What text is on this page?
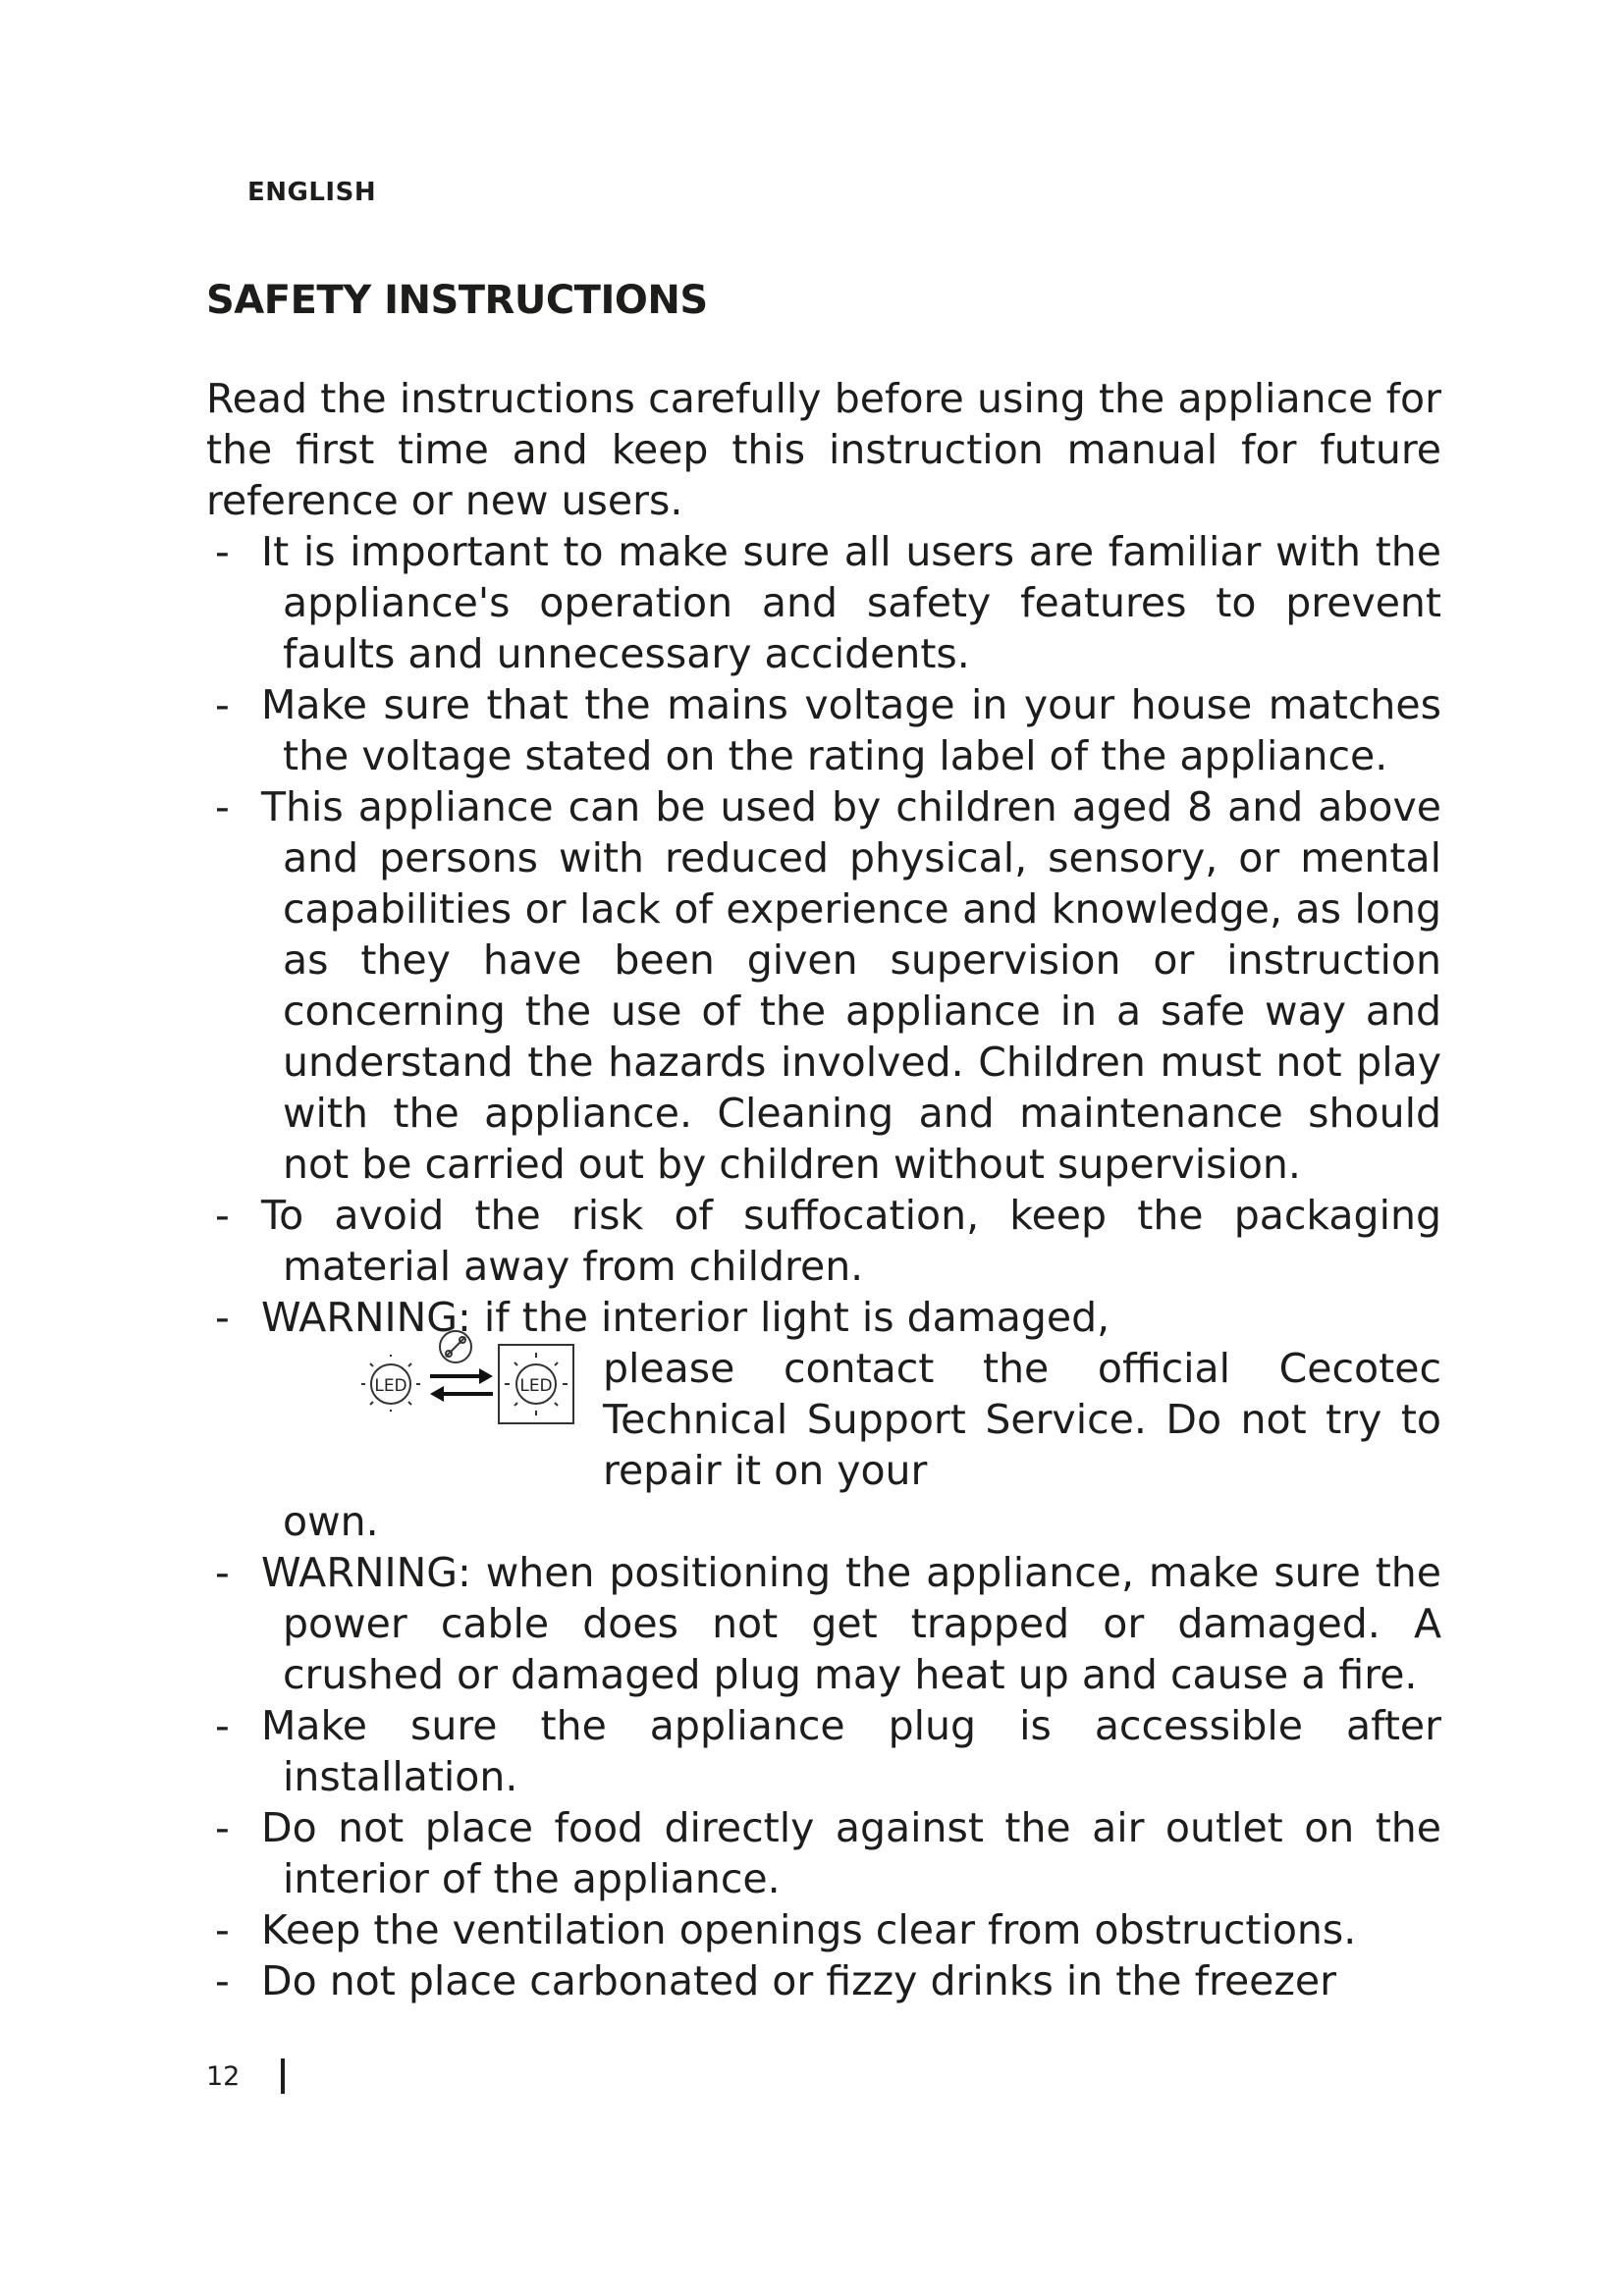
ENGLISH
SAFETY INSTRUCTIONS

Read the instructions carefully before using the appliance for the first time and keep this instruction manual for future reference or new users.

- It is important to make sure all users are familiar with the appliance's operation and safety features to prevent faults and unnecessary accidents.
- Make sure that the mains voltage in your house matches the voltage stated on the rating label of the appliance.
- This appliance can be used by children aged 8 and above and persons with reduced physical, sensory, or mental capabilities or lack of experience and knowledge, as long as they have been given supervision or instruction concerning the use of the appliance in a safe way and understand the hazards involved. Children must not play with the appliance. Cleaning and maintenance should not be carried out by children without supervision.
- To avoid the risk of suffocation, keep the packaging material away from children.
- WARNING: if the interior light is damaged,
LED	LED please contact the official Cecotec Technical Support Service. Do not try to repair it on your
own.
- WARNING: when positioning the appliance, make sure the power cable does not get trapped or damaged. A crushed or damaged plug may heat up and cause a fire.
- Make sure the appliance plug is accessible after installation.
- Do not place food directly against the air outlet on the interior of the appliance.
- Keep the ventilation openings clear from obstructions.
- Do not place carbonated or fizzy drinks in the freezer
12
